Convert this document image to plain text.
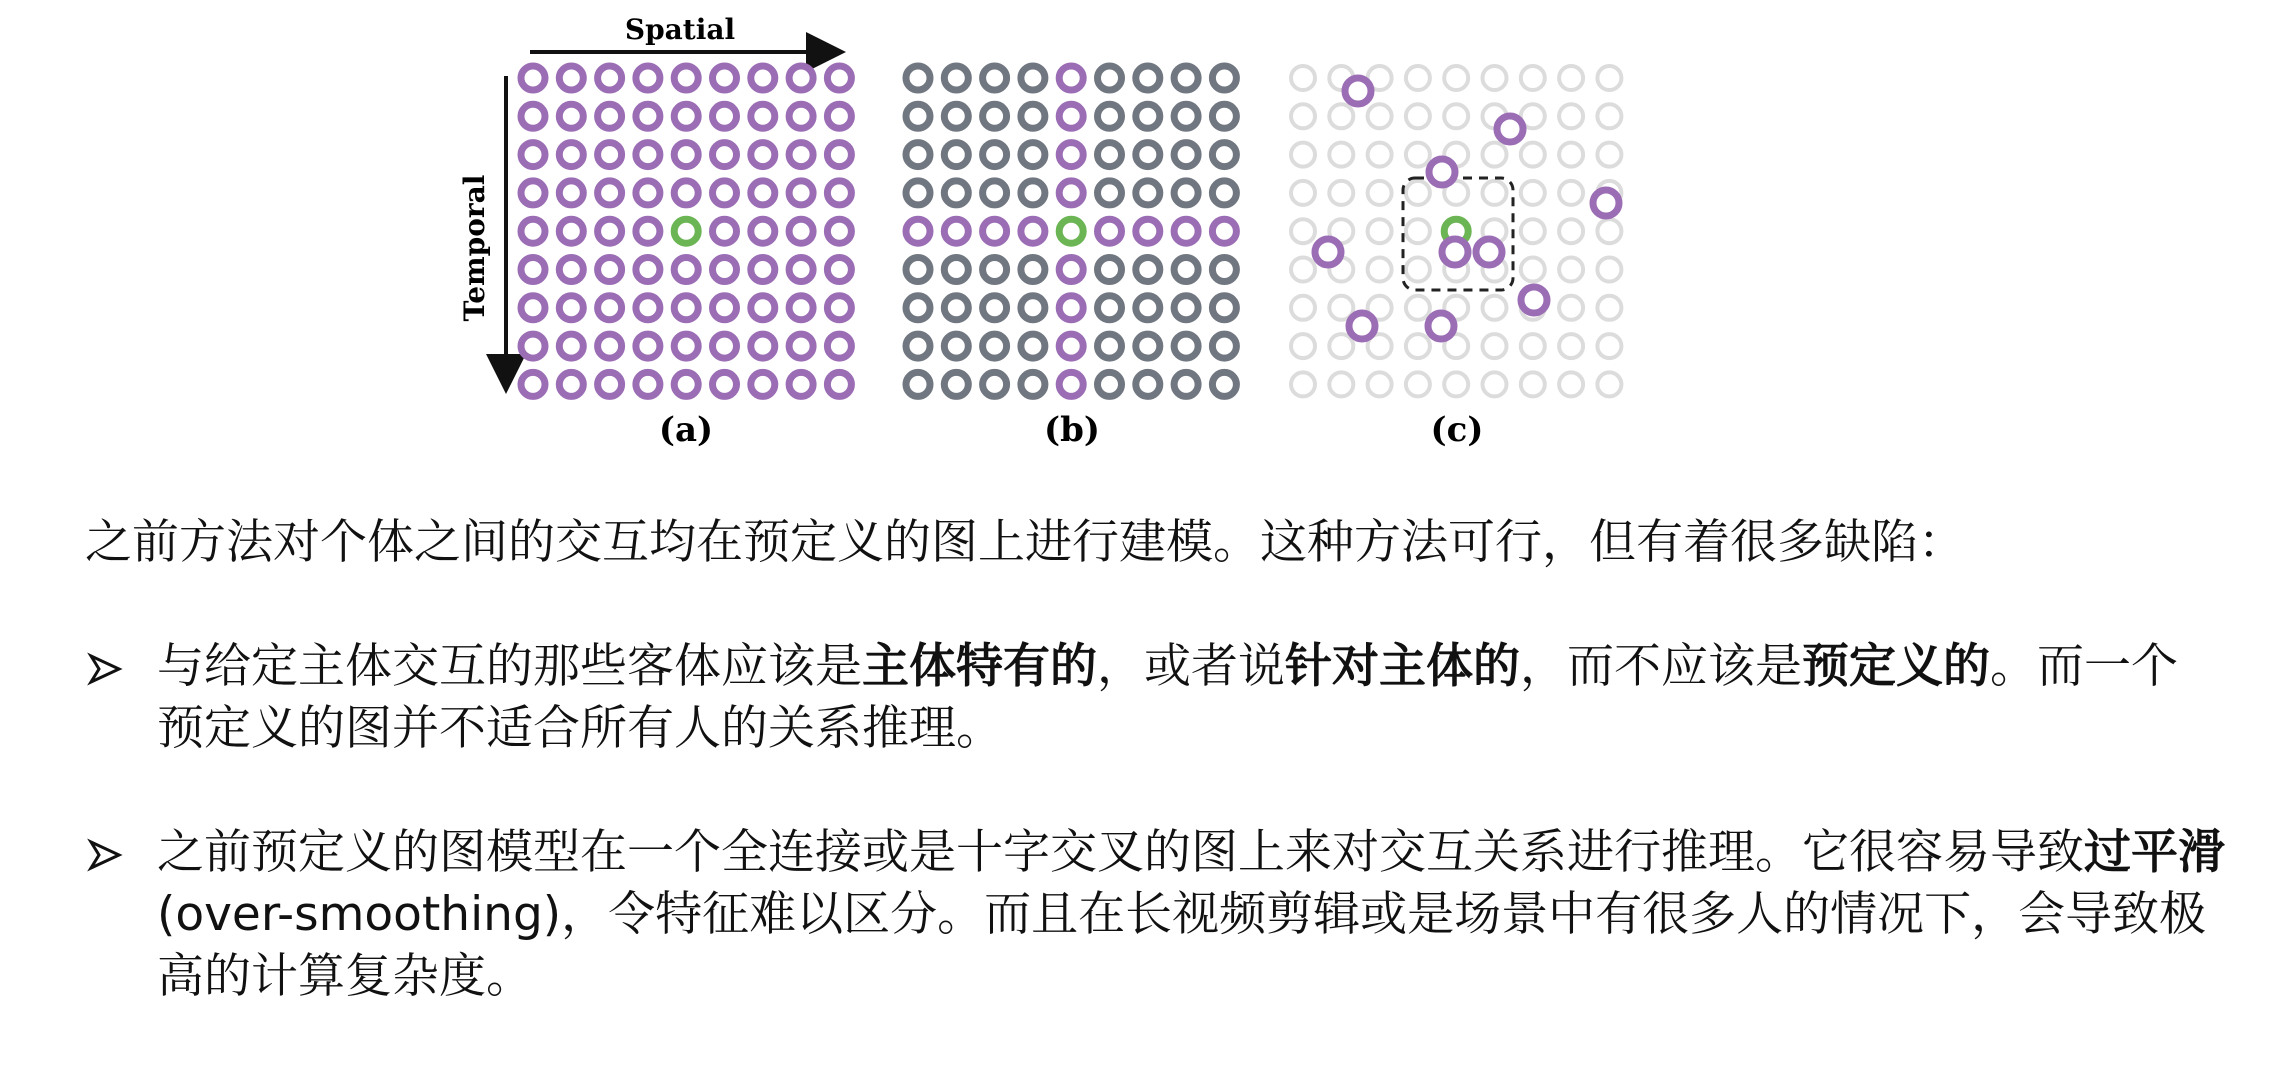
Spatial
Temporal
(a)	(b)	(c)

之前方法对个体之间的交互均在预定义的图上进行建模。这种方法可行，但有着很多缺陷：

与给定主体交互的那些客体应该是主体特有的，或者说针对主体的，而不应该是预定义的。而一个预定义的图并不适合所有人的关系推理。

之前预定义的图模型在一个全连接或是十字交叉的图上来对交互关系进行推理。它很容易导致过平滑(over-smoothing)，令特征难以区分。而且在长视频剪辑或是场景中有很多人的情况下，会导致极高的计算复杂度。
